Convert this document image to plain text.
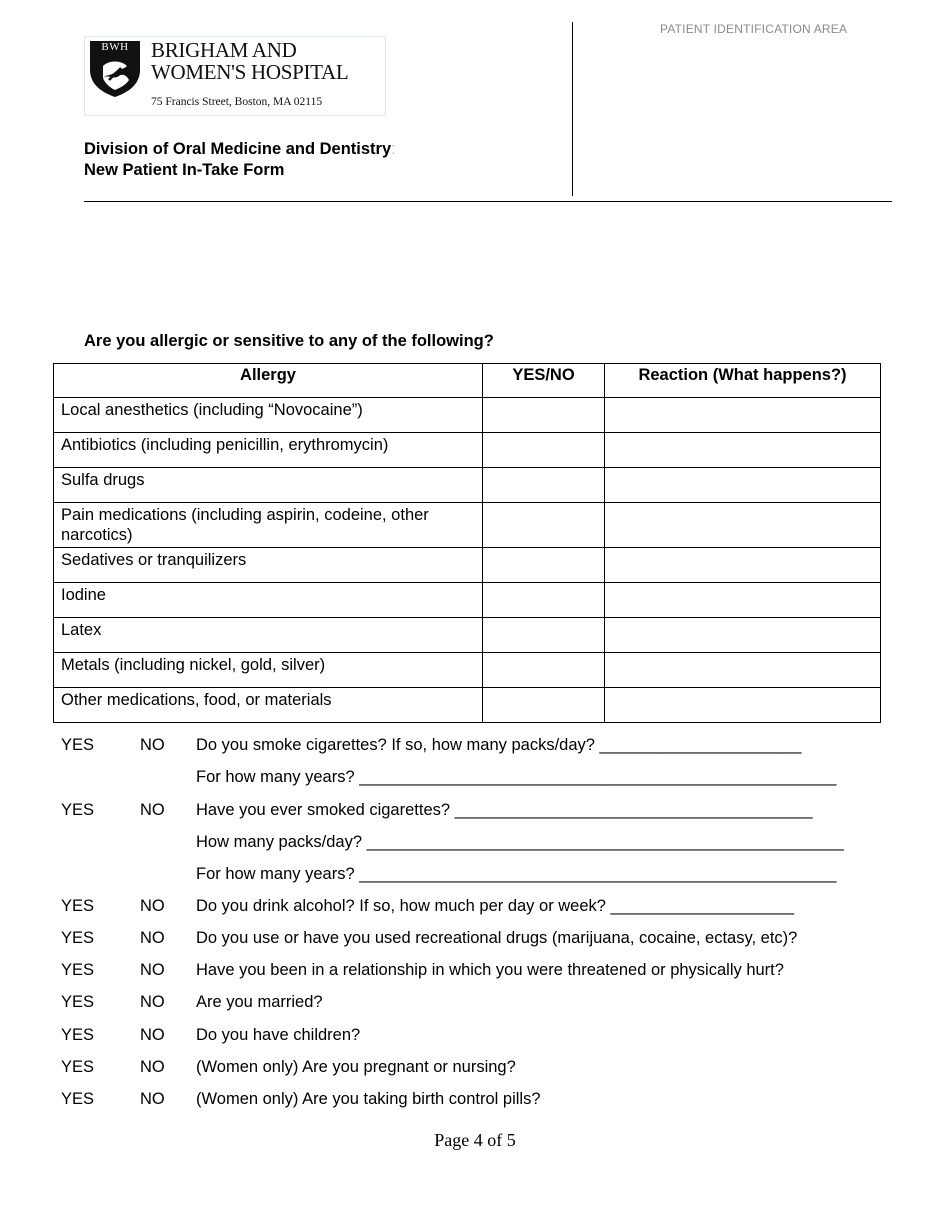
BWH	BRIGHAM AND
WOMEN'S HOSPITAL
75 Francis Street, Boston, MA 02115
PATIENT IDENTIFICATION AREA
Division of Oral Medicine and Dentistry:
New Patient In-Take Form
Are you allergic or sensitive to any of the following?
Allergy	YES/NO	Reaction (What happens?)
Local anesthetics (including “Novocaine”)		
Antibiotics (including penicillin, erythromycin)		
Sulfa drugs		
Pain medications (including aspirin, codeine, other narcotics)		
Sedatives or tranquilizers		
Iodine		
Latex		
Metals (including nickel, gold, silver)		
Other medications, food, or materials		
YES	NO Do you smoke cigarettes? If so, how many packs/day? ______________________
For how many years? ____________________________________________________
YES	NO Have you ever smoked cigarettes? _______________________________________
How many packs/day? ____________________________________________________
For how many years? ____________________________________________________
YES	NO Do you drink alcohol? If so, how much per day or week? ____________________
YES	NO Do you use or have you used recreational drugs (marijuana, cocaine, ectasy, etc)?
YES	NO Have you been in a relationship in which you were threatened or physically hurt?
YES	NO Are you married?
YES	NO Do you have children?
YES	NO (Women only) Are you pregnant or nursing?
YES	NO (Women only) Are you taking birth control pills?
Page 4 of 5
